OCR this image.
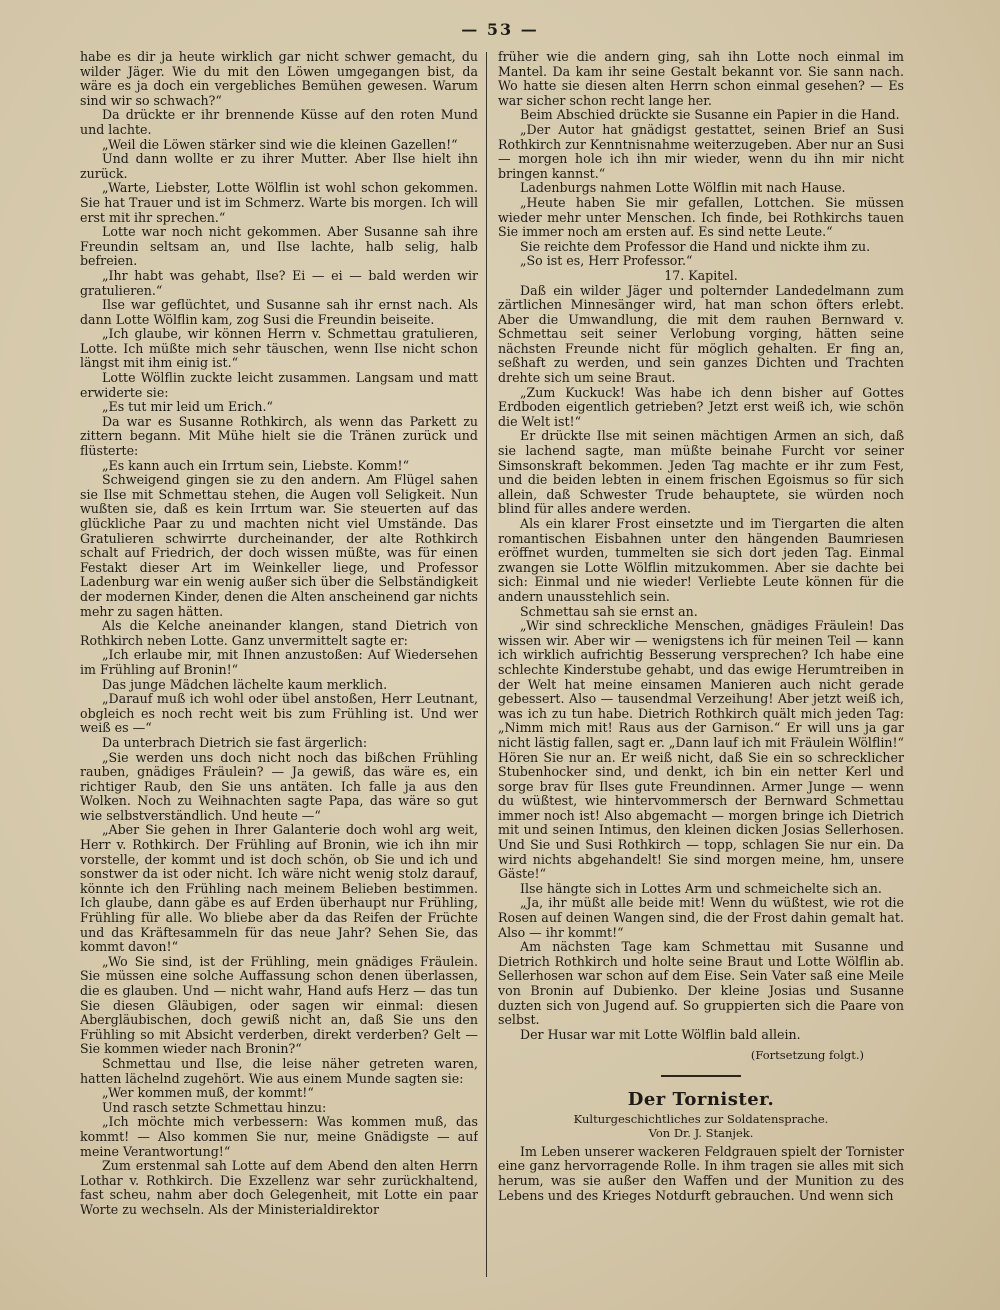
— 53 —

habe es dir ja heute wirklich gar nicht schwer gemacht, du wilder Jäger. Wie du mit den Löwen umgegangen bist, da wäre es ja doch ein vergebliches Bemühen gewesen. Warum sind wir so schwach?“

Da drückte er ihr brennende Küsse auf den roten Mund und lachte.

„Weil die Löwen stärker sind wie die kleinen Gazellen!“

Und dann wollte er zu ihrer Mutter. Aber Ilse hielt ihn zurück.

„Warte, Liebster, Lotte Wölflin ist wohl schon gekommen. Sie hat Trauer und ist im Schmerz. Warte bis morgen. Ich will erst mit ihr sprechen.“

Lotte war noch nicht gekommen. Aber Susanne sah ihre Freundin seltsam an, und Ilse lachte, halb selig, halb befreien.

„Ihr habt was gehabt, Ilse? Ei — ei — bald werden wir gratulieren.“

Ilse war geflüchtet, und Susanne sah ihr ernst nach. Als dann Lotte Wölflin kam, zog Susi die Freundin beiseite.

„Ich glaube, wir können Herrn v. Schmettau gratulieren, Lotte. Ich müßte mich sehr täuschen, wenn Ilse nicht schon längst mit ihm einig ist.“

Lotte Wölflin zuckte leicht zusammen. Langsam und matt erwiderte sie:

„Es tut mir leid um Erich.“

Da war es Susanne Rothkirch, als wenn das Parkett zu zittern begann. Mit Mühe hielt sie die Tränen zurück und flüsterte:

„Es kann auch ein Irrtum sein, Liebste. Komm!“

Schweigend gingen sie zu den andern. Am Flügel sahen sie Ilse mit Schmettau stehen, die Augen voll Seligkeit. Nun wußten sie, daß es kein Irrtum war. Sie steuerten auf das glückliche Paar zu und machten nicht viel Umstände. Das Gratulieren schwirrte durcheinander, der alte Rothkirch schalt auf Friedrich, der doch wissen müßte, was für einen Festakt dieser Art im Weinkeller liege, und Professor Ladenburg war ein wenig außer sich über die Selbständigkeit der modernen Kinder, denen die Alten anscheinend gar nichts mehr zu sagen hätten.

Als die Kelche aneinander klangen, stand Dietrich von Rothkirch neben Lotte. Ganz unvermittelt sagte er:

„Ich erlaube mir, mit Ihnen anzustoßen: Auf Wiedersehen im Frühling auf Bronin!“

Das junge Mädchen lächelte kaum merklich.

„Darauf muß ich wohl oder übel anstoßen, Herr Leutnant, obgleich es noch recht weit bis zum Frühling ist. Und wer weiß es —“

Da unterbrach Dietrich sie fast ärgerlich:

„Sie werden uns doch nicht noch das bißchen Frühling rauben, gnädiges Fräulein? — Ja gewiß, das wäre es, ein richtiger Raub, den Sie uns antäten. Ich falle ja aus den Wolken. Noch zu Weihnachten sagte Papa, das wäre so gut wie selbstverständlich. Und heute —“

„Aber Sie gehen in Ihrer Galanterie doch wohl arg weit, Herr v. Rothkirch. Der Frühling auf Bronin, wie ich ihn mir vorstelle, der kommt und ist doch schön, ob Sie und ich und sonstwer da ist oder nicht. Ich wäre nicht wenig stolz darauf, könnte ich den Frühling nach meinem Belieben bestimmen. Ich glaube, dann gäbe es auf Erden überhaupt nur Frühling, Frühling für alle. Wo bliebe aber da das Reifen der Früchte und das Kräftesammeln für das neue Jahr? Sehen Sie, das kommt davon!“

„Wo Sie sind, ist der Frühling, mein gnädiges Fräulein. Sie müssen eine solche Auffassung schon denen überlassen, die es glauben. Und — nicht wahr, Hand aufs Herz — das tun Sie diesen Gläubigen, oder sagen wir einmal: diesen Abergläubischen, doch gewiß nicht an, daß Sie uns den Frühling so mit Absicht verderben, direkt verderben? Gelt — Sie kommen wieder nach Bronin?“

Schmettau und Ilse, die leise näher getreten waren, hatten lächelnd zugehört. Wie aus einem Munde sagten sie:

„Wer kommen muß, der kommt!“

Und rasch setzte Schmettau hinzu:

„Ich möchte mich verbessern: Was kommen muß, das kommt! — Also kommen Sie nur, meine Gnädigste — auf meine Verantwortung!“

Zum erstenmal sah Lotte auf dem Abend den alten Herrn Lothar v. Rothkirch. Die Exzellenz war sehr zurückhaltend, fast scheu, nahm aber doch Gelegenheit, mit Lotte ein paar Worte zu wechseln. Als der Ministerialdirektor

früher wie die andern ging, sah ihn Lotte noch einmal im Mantel. Da kam ihr seine Gestalt bekannt vor. Sie sann nach. Wo hatte sie diesen alten Herrn schon einmal gesehen? — Es war sicher schon recht lange her.

Beim Abschied drückte sie Susanne ein Papier in die Hand.

„Der Autor hat gnädigst gestattet, seinen Brief an Susi Rothkirch zur Kenntnisnahme weiterzugeben. Aber nur an Susi — morgen hole ich ihn mir wieder, wenn du ihn mir nicht bringen kannst.“

Ladenburgs nahmen Lotte Wölflin mit nach Hause.

„Heute haben Sie mir gefallen, Lottchen. Sie müssen wieder mehr unter Menschen. Ich finde, bei Rothkirchs tauen Sie immer noch am ersten auf. Es sind nette Leute.“

Sie reichte dem Professor die Hand und nickte ihm zu.

„So ist es, Herr Professor.“

17. Kapitel.

Daß ein wilder Jäger und polternder Landedelmann zum zärtlichen Minnesänger wird, hat man schon öfters erlebt. Aber die Umwandlung, die mit dem rauhen Bernward v. Schmettau seit seiner Verlobung vorging, hätten seine nächsten Freunde nicht für möglich gehalten. Er fing an, seßhaft zu werden, und sein ganzes Dichten und Trachten drehte sich um seine Braut.

„Zum Kuckuck! Was habe ich denn bisher auf Gottes Erdboden eigentlich getrieben? Jetzt erst weiß ich, wie schön die Welt ist!“

Er drückte Ilse mit seinen mächtigen Armen an sich, daß sie lachend sagte, man müßte beinahe Furcht vor seiner Simsonskraft bekommen. Jeden Tag machte er ihr zum Fest, und die beiden lebten in einem frischen Egoismus so für sich allein, daß Schwester Trude behauptete, sie würden noch blind für alles andere werden.

Als ein klarer Frost einsetzte und im Tiergarten die alten romantischen Eisbahnen unter den hängenden Baumriesen eröffnet wurden, tummelten sie sich dort jeden Tag. Einmal zwangen sie Lotte Wölflin mitzukommen. Aber sie dachte bei sich: Einmal und nie wieder! Verliebte Leute können für die andern unausstehlich sein.

Schmettau sah sie ernst an.

„Wir sind schreckliche Menschen, gnädiges Fräulein! Das wissen wir. Aber wir — wenigstens ich für meinen Teil — kann ich wirklich aufrichtig Besserung versprechen? Ich habe eine schlechte Kinderstube gehabt, und das ewige Herumtreiben in der Welt hat meine einsamen Manieren auch nicht gerade gebessert. Also — tausendmal Verzeihung! Aber jetzt weiß ich, was ich zu tun habe. Dietrich Rothkirch quält mich jeden Tag: „Nimm mich mit! Raus aus der Garnison.“ Er will uns ja gar nicht lästig fallen, sagt er. „Dann lauf ich mit Fräulein Wölflin!“ Hören Sie nur an. Er weiß nicht, daß Sie ein so schrecklicher Stubenhocker sind, und denkt, ich bin ein netter Kerl und sorge brav für Ilses gute Freundinnen. Armer Junge — wenn du wüßtest, wie hintervommersch der Bernward Schmettau immer noch ist! Also abgemacht — morgen bringe ich Dietrich mit und seinen Intimus, den kleinen dicken Josias Sellerhosen. Und Sie und Susi Rothkirch — topp, schlagen Sie nur ein. Da wird nichts abgehandelt! Sie sind morgen meine, hm, unsere Gäste!“

Ilse hängte sich in Lottes Arm und schmeichelte sich an.

„Ja, ihr müßt alle beide mit! Wenn du wüßtest, wie rot die Rosen auf deinen Wangen sind, die der Frost dahin gemalt hat. Also — ihr kommt!“

Am nächsten Tage kam Schmettau mit Susanne und Dietrich Rothkirch und holte seine Braut und Lotte Wölflin ab. Sellerhosen war schon auf dem Eise. Sein Vater saß eine Meile von Bronin auf Dubienko. Der kleine Josias und Susanne duzten sich von Jugend auf. So gruppierten sich die Paare von selbst.

Der Husar war mit Lotte Wölflin bald allein.

(Fortsetzung folgt.)

Der Tornister.

Kulturgeschichtliches zur Soldatensprache.

Von Dr. J. Stanjek.

Im Leben unserer wackeren Feldgrauen spielt der Tornister eine ganz hervorragende Rolle. In ihm tragen sie alles mit sich herum, was sie außer den Waffen und der Munition zu des Lebens und des Krieges Notdurft gebrauchen. Und wenn sich
